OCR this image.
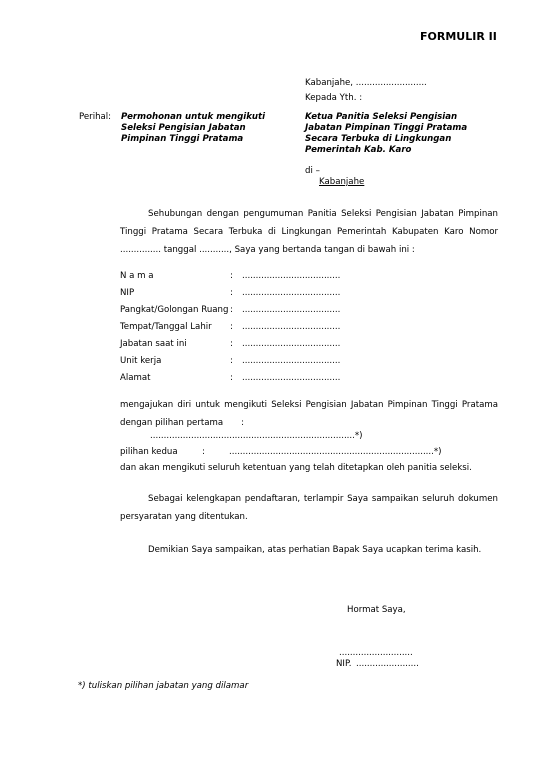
FORMULIR II
Kabanjahe, ..........................
Kepada Yth. :
Perihal: Permohonan untuk mengikuti
Seleksi Pengisian Jabatan
Pimpinan Tinggi Pratama
Ketua Panitia Seleksi Pengisian
Jabatan Pimpinan Tinggi Pratama
Secara Terbuka di Lingkungan
Pemerintah Kab. Karo
di –
Kabanjahe
Sehubungan dengan pengumuman Panitia Seleksi Pengisian Jabatan Pimpinan Tinggi Pratama Secara Terbuka di Lingkungan Pemerintah Kabupaten Karo Nomor ............... tanggal ..........., Saya yang bertanda tangan di bawah ini :
N a m a	: ....................................
NIP	: ....................................
Pangkat/Golongan Ruang : ....................................
Tempat/Tanggal Lahir : ....................................
Jabatan saat ini	: ....................................
Unit kerja	: ....................................
Alamat	: ....................................
mengajukan diri untuk mengikuti Seleksi Pengisian Jabatan Pimpinan Tinggi Pratama dengan pilihan pertama :
...........................................................................*)
pilihan kedua	:	...........................................................................*)
dan akan mengikuti seluruh ketentuan yang telah ditetapkan oleh panitia seleksi.
Sebagai kelengkapan pendaftaran, terlampir Saya sampaikan seluruh dokumen persyaratan yang ditentukan.
Demikian Saya sampaikan, atas perhatian Bapak Saya ucapkan terima kasih.
Hormat Saya,
...........................
NIP. .......................
*) tuliskan pilihan jabatan yang dilamar
